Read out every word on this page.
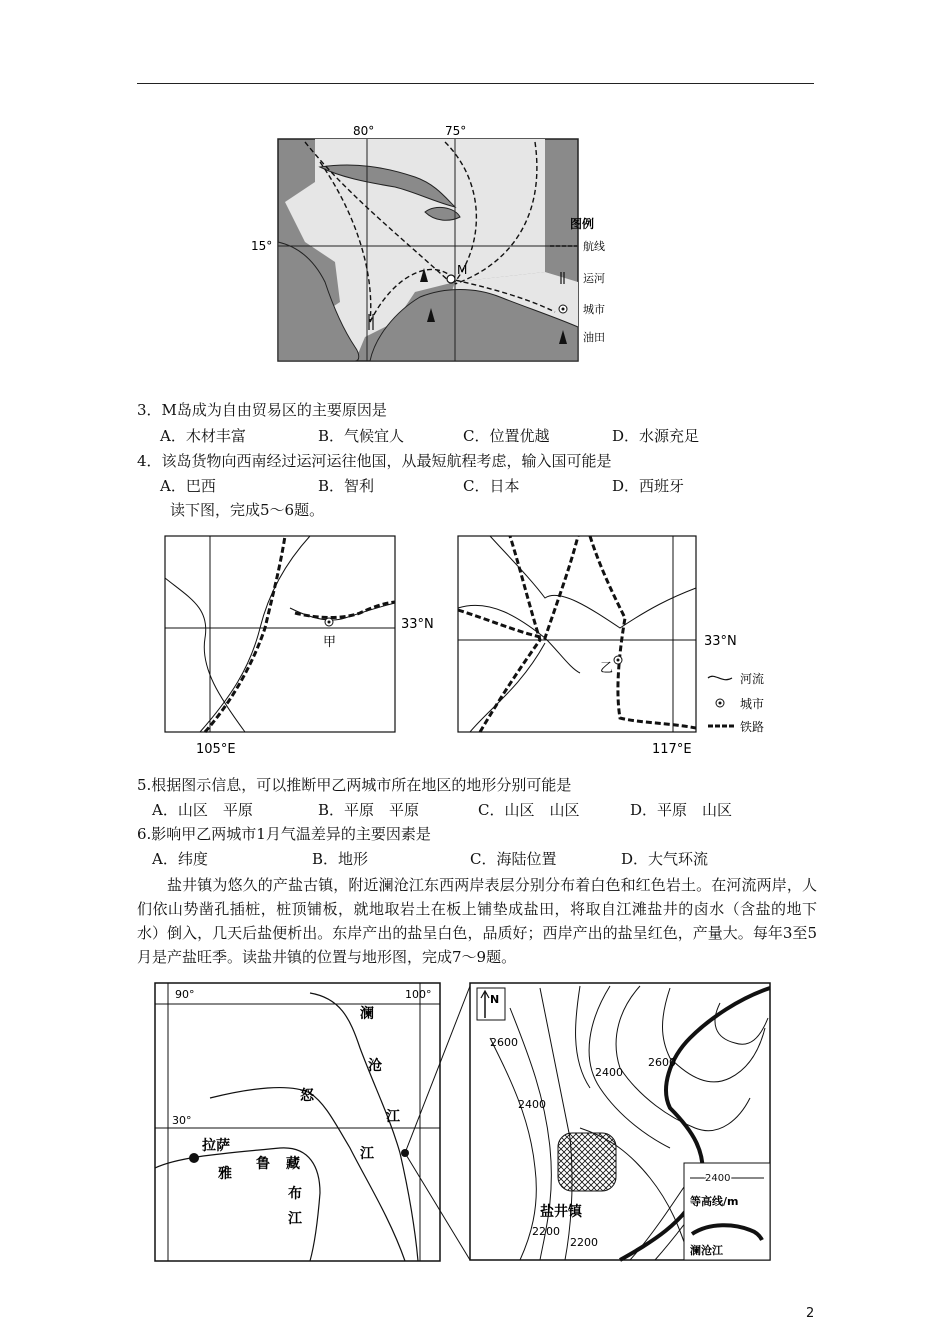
M
80°	75°
15°
图例
航线
运河
城市
油田
3．M岛成为自由贸易区的主要原因是
A．木材丰富	B．气候宜人	C．位置优越	D．水源充足
4．该岛货物向西南经过运河运往他国，从最短航程考虑，输入国可能是
A．巴西	B．智利	C．日本	D．西班牙
读下图，完成5～6题。
甲
33°N
105°E
乙
33°N
117°E
河流
城市
铁路
5.根据图示信息，可以推断甲乙两城市所在地区的地形分别可能是
A．山区　平原	B．平原　平原	C．山区　山区	D．平原　山区
6.影响甲乙两城市1月气温差异的主要因素是
A．纬度	B．地形	C．海陆位置	D．大气环流
盐井镇为悠久的产盐古镇，附近澜沧江东西两岸表层分别分布着白色和红色岩土。在河流两岸，人们依山势凿孔插桩，桩顶铺板，就地取岩土在板上铺垫成盐田，将取自江滩盐井的卤水（含盐的地下水）倒入，几天后盐便析出。东岸产出的盐呈白色，品质好；西岸产出的盐呈红色，产量大。每年3至5月是产盐旺季。读盐井镇的位置与地形图，完成7～9题。
90°	100°
30°
拉萨
澜
沧
江
怒
江
雅
鲁 藏
布
江	盐井镇
2600
2400
2400
2600
2200
2200
N
2400
等高线/m
澜沧江
2
